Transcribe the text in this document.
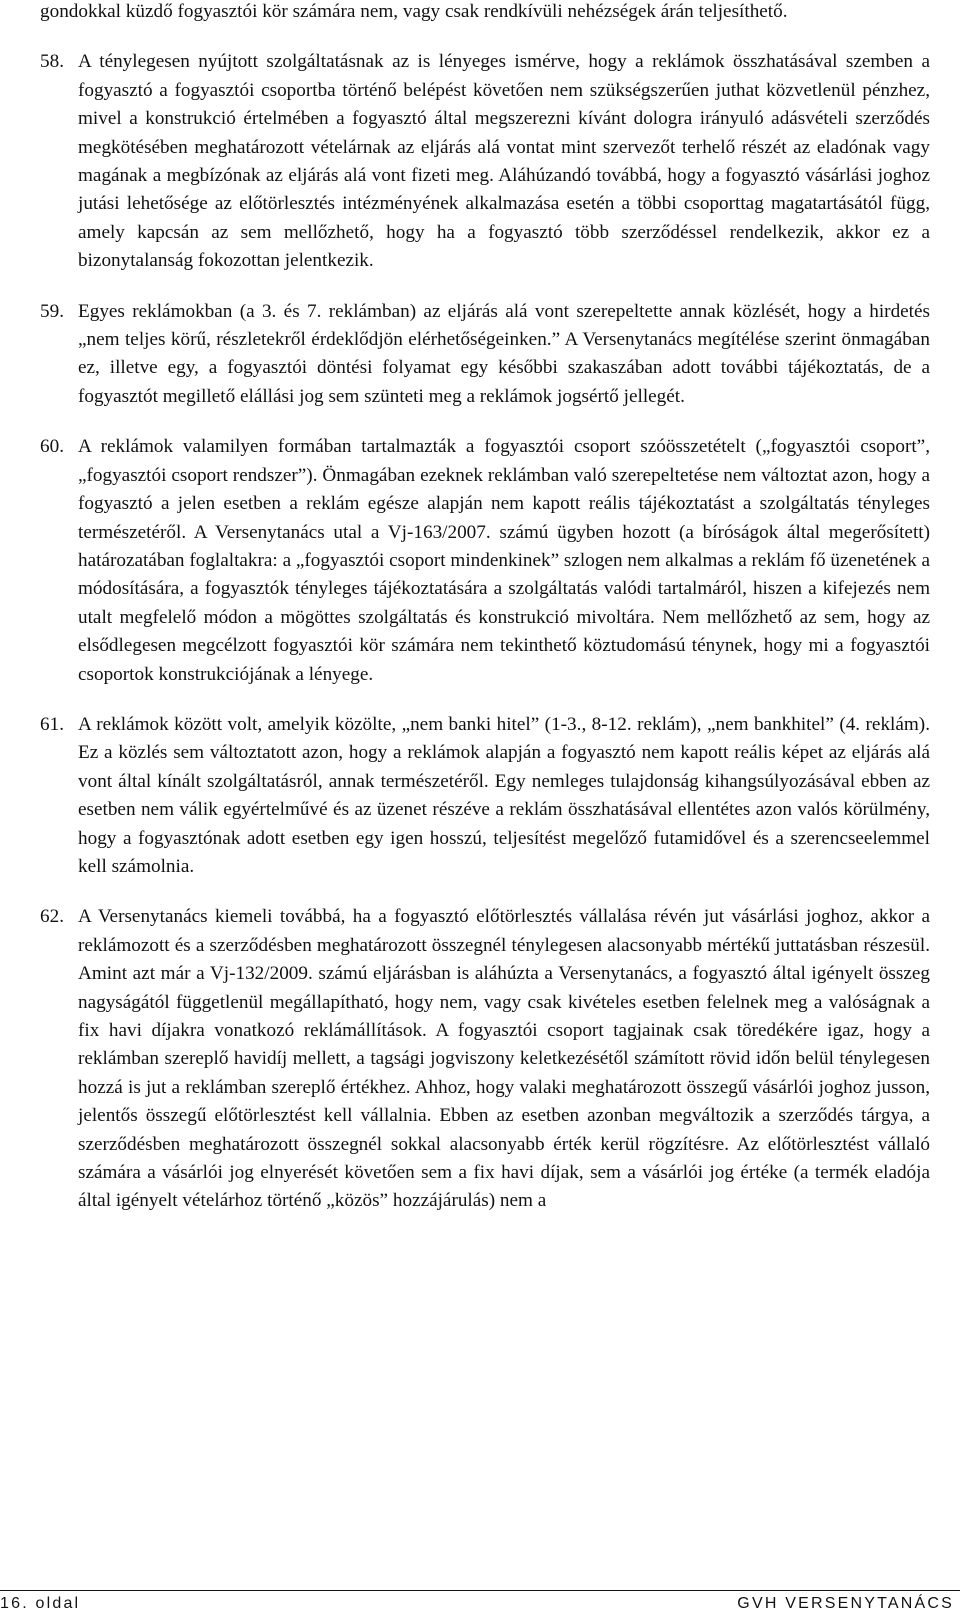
gondokkal küzdő fogyasztói kör számára nem, vagy csak rendkívüli nehézségek árán teljesíthető.

58. A ténylegesen nyújtott szolgáltatásnak az is lényeges ismérve, hogy a reklámok összhatásával szemben a fogyasztó a fogyasztói csoportba történő belépést követően nem szükségszerűen juthat közvetlenül pénzhez, mivel a konstrukció értelmében a fogyasztó által megszerezni kívánt dologra irányuló adásvételi szerződés megkötésében meghatározott vételárnak az eljárás alá vontat mint szervezőt terhelő részét az eladónak vagy magának a megbízónak az eljárás alá vont fizeti meg. Aláhúzandó továbbá, hogy a fogyasztó vásárlási joghoz jutási lehetősége az előtörlesztés intézményének alkalmazása esetén a többi csoporttag magatartásától függ, amely kapcsán az sem mellőzhető, hogy ha a fogyasztó több szerződéssel rendelkezik, akkor ez a bizonytalanság fokozottan jelentkezik.
59. Egyes reklámokban (a 3. és 7. reklámban) az eljárás alá vont szerepeltette annak közlését, hogy a hirdetés „nem teljes körű, részletekről érdeklődjön elérhetőségeinken.” A Versenytanács megítélése szerint önmagában ez, illetve egy, a fogyasztói döntési folyamat egy későbbi szakaszában adott további tájékoztatás, de a fogyasztót megillető elállási jog sem szünteti meg a reklámok jogsértő jellegét.
60. A reklámok valamilyen formában tartalmazták a fogyasztói csoport szóösszetételt („fogyasztói csoport”, „fogyasztói csoport rendszer”). Önmagában ezeknek reklámban való szerepeltetése nem változtat azon, hogy a fogyasztó a jelen esetben a reklám egésze alapján nem kapott reális tájékoztatást a szolgáltatás tényleges természetéről. A Versenytanács utal a Vj-163/2007. számú ügyben hozott (a bíróságok által megerősített) határozatában foglaltakra: a „fogyasztói csoport mindenkinek” szlogen nem alkalmas a reklám fő üzenetének a módosítására, a fogyasztók tényleges tájékoztatására a szolgáltatás valódi tartalmáról, hiszen a kifejezés nem utalt megfelelő módon a mögöttes szolgáltatás és konstrukció mivoltára. Nem mellőzhető az sem, hogy az elsődlegesen megcélzott fogyasztói kör számára nem tekinthető köztudomású ténynek, hogy mi a fogyasztói csoportok konstrukciójának a lényege.
61. A reklámok között volt, amelyik közölte, „nem banki hitel” (1-3., 8-12. reklám), „nem bankhitel” (4. reklám). Ez a közlés sem változtatott azon, hogy a reklámok alapján a fogyasztó nem kapott reális képet az eljárás alá vont által kínált szolgáltatásról, annak természetéről. Egy nemleges tulajdonság kihangsúlyozásával ebben az esetben nem válik egyértelművé és az üzenet részéve a reklám összhatásával ellentétes azon valós körülmény, hogy a fogyasztónak adott esetben egy igen hosszú, teljesítést megelőző futamidővel és a szerencseelemmel kell számolnia.
62. A Versenytanács kiemeli továbbá, ha a fogyasztó előtörlesztés vállalása révén jut vásárlási joghoz, akkor a reklámozott és a szerződésben meghatározott összegnél ténylegesen alacsonyabb mértékű juttatásban részesül. Amint azt már a Vj-132/2009. számú eljárásban is aláhúzta a Versenytanács, a fogyasztó által igényelt összeg nagyságától függetlenül megállapítható, hogy nem, vagy csak kivételes esetben felelnek meg a valóságnak a fix havi díjakra vonatkozó reklámállítások. A fogyasztói csoport tagjainak csak töredékére igaz, hogy a reklámban szereplő havidíj mellett, a tagsági jogviszony keletkezésétől számított rövid időn belül ténylegesen hozzá is jut a reklámban szereplő értékhez. Ahhoz, hogy valaki meghatározott összegű vásárlói joghoz jusson, jelentős összegű előtörlesztést kell vállalnia. Ebben az esetben azonban megváltozik a szerződés tárgya, a szerződésben meghatározott összegnél sokkal alacsonyabb érték kerül rögzítésre. Az előtörlesztést vállaló számára a vásárlói jog elnyerését követően sem a fix havi díjak, sem a vásárlói jog értéke (a termék eladója által igényelt vételárhoz történő „közös” hozzájárulás) nem a
16. oldal	GVH VERSENYTANÁCS
